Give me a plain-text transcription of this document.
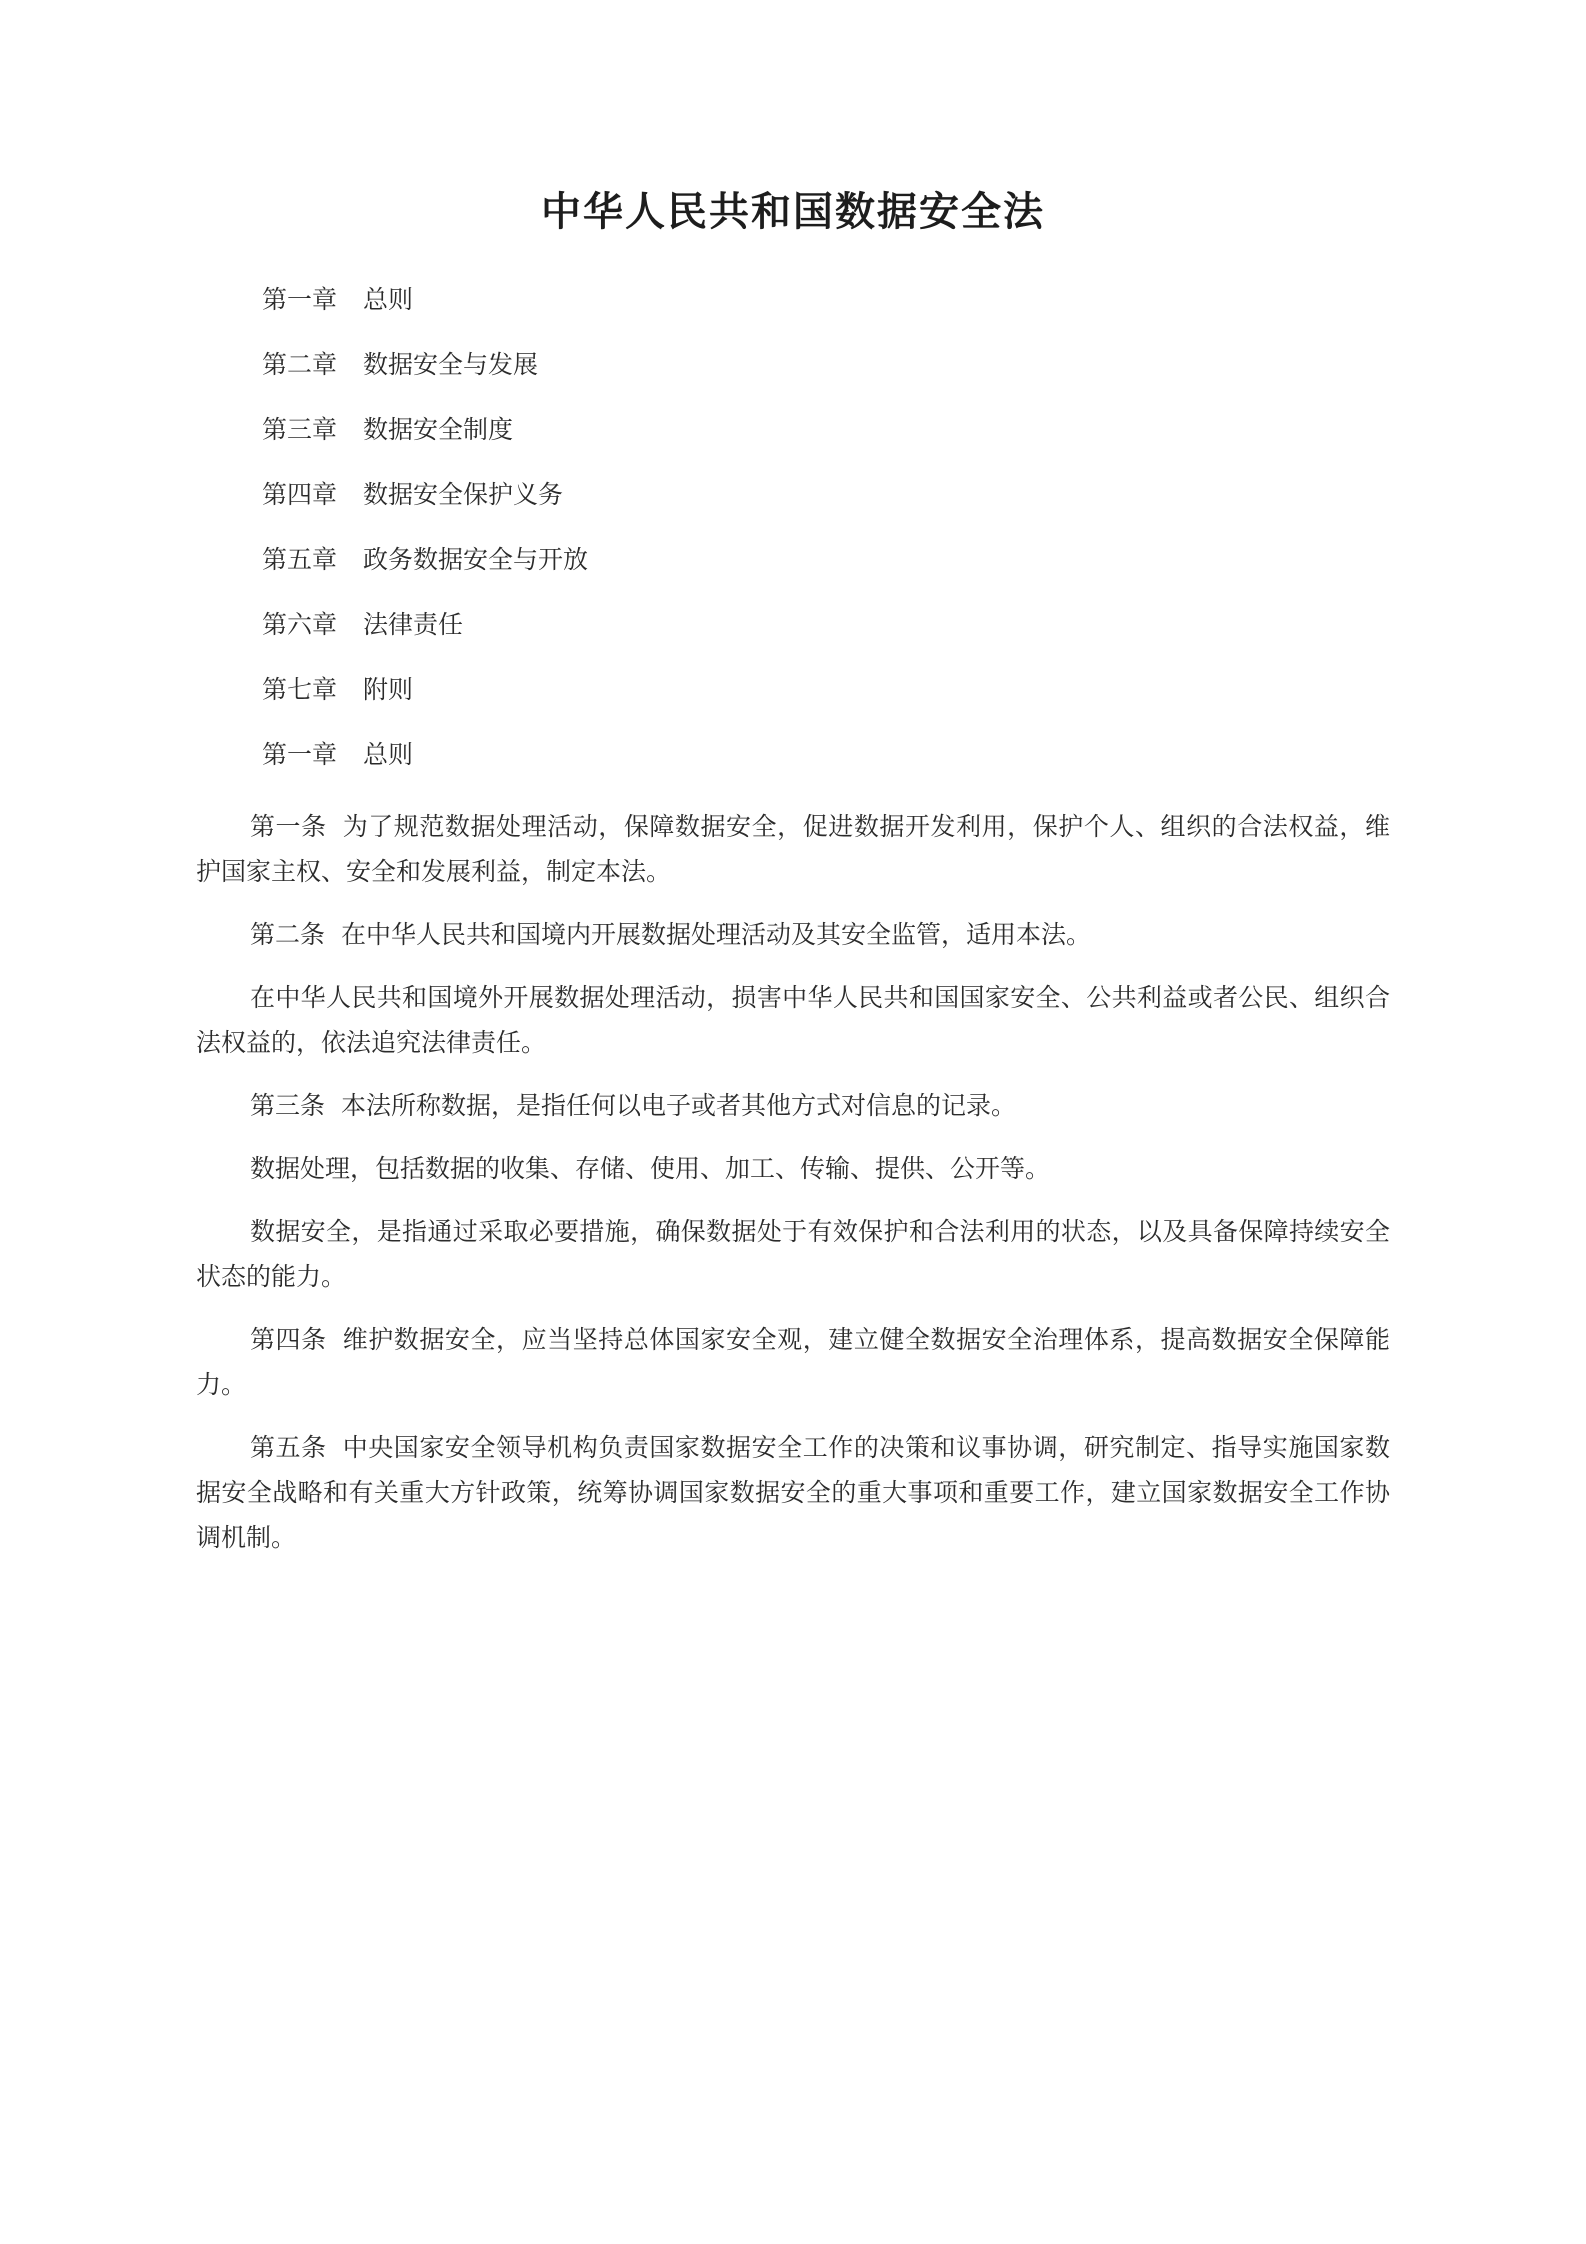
中华人民共和国数据安全法
第一章 总则
第二章 数据安全与发展
第三章 数据安全制度
第四章 数据安全保护义务
第五章 政务数据安全与开放
第六章 法律责任
第七章 附则
第一章 总则

第一条 为了规范数据处理活动，保障数据安全，促进数据开发利用，保护个人、组织的合法权益，维护国家主权、安全和发展利益，制定本法。

第二条 在中华人民共和国境内开展数据处理活动及其安全监管，适用本法。

在中华人民共和国境外开展数据处理活动，损害中华人民共和国国家安全、公共利益或者公民、组织合法权益的，依法追究法律责任。

第三条 本法所称数据，是指任何以电子或者其他方式对信息的记录。

数据处理，包括数据的收集、存储、使用、加工、传输、提供、公开等。

数据安全，是指通过采取必要措施，确保数据处于有效保护和合法利用的状态，以及具备保障持续安全状态的能力。

第四条 维护数据安全，应当坚持总体国家安全观，建立健全数据安全治理体系，提高数据安全保障能力。

第五条 中央国家安全领导机构负责国家数据安全工作的决策和议事协调，研究制定、指导实施国家数据安全战略和有关重大方针政策，统筹协调国家数据安全的重大事项和重要工作，建立国家数据安全工作协调机制。
